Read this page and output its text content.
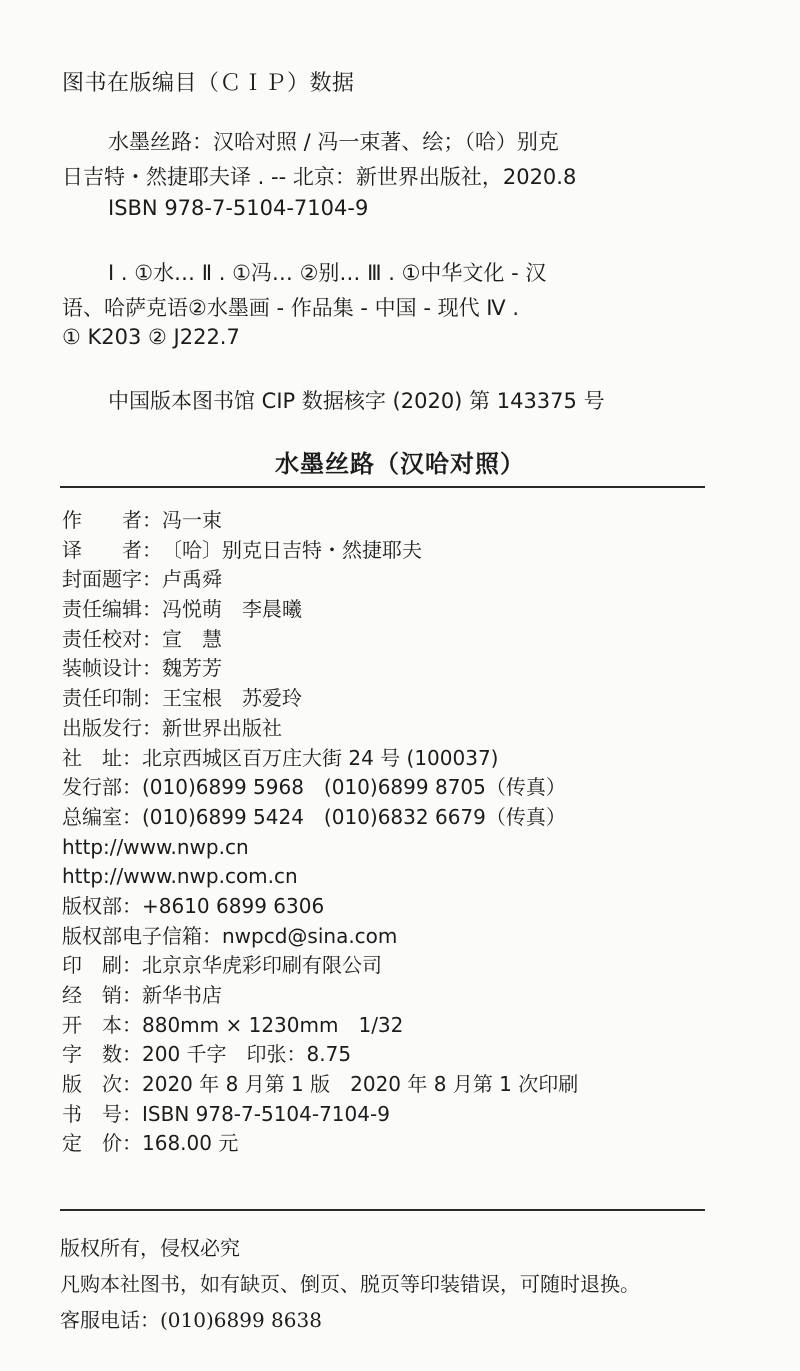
图书在版编目（ＣＩＰ）数据
水墨丝路：汉哈对照 / 冯一束著、绘；（哈）别克
日吉特・然捷耶夫译 . -- 北京：新世界出版社，2020.8
ISBN 978-7-5104-7104-9
Ⅰ . ①水… Ⅱ . ①冯… ②别… Ⅲ . ①中华文化 - 汉
语、哈萨克语②水墨画 - 作品集 - 中国 - 现代 Ⅳ .
① K203 ② J222.7
中国版本图书馆 CIP 数据核字 (2020) 第 143375 号
水墨丝路（汉哈对照）
作　　者：冯一束
译　　者：〔哈〕别克日吉特・然捷耶夫
封面题字：卢禹舜
责任编辑：冯悦萌　李晨曦
责任校对：宣　慧
装帧设计：魏芳芳
责任印制：王宝根　苏爱玲
出版发行：新世界出版社
社　址：北京西城区百万庄大街 24 号 (100037)
发行部：(010)6899 5968　(010)6899 8705（传真）
总编室：(010)6899 5424　(010)6832 6679（传真）
http://www.nwp.cn
http://www.nwp.com.cn
版权部：+8610 6899 6306
版权部电子信箱：nwpcd@sina.com
印　刷：北京京华虎彩印刷有限公司
经　销：新华书店
开　本：880mm × 1230mm　1/32
字　数：200 千字　印张：8.75
版　次：2020 年 8 月第 1 版　2020 年 8 月第 1 次印刷
书　号：ISBN 978-7-5104-7104-9
定　价：168.00 元
版权所有，侵权必究
凡购本社图书，如有缺页、倒页、脱页等印装错误，可随时退换。
客服电话：(010)6899 8638
